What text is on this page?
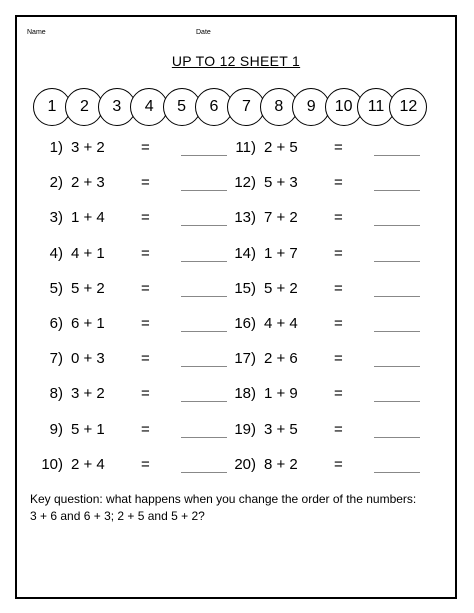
Name	Date
UP TO 12 SHEET 1
1	2	3	4	5	6	7	8	9	10 11 12
1) 3 + 2 =
2) 2 + 3 =
3) 1 + 4 =
4) 4 + 1 =
5) 5 + 2 =
6) 6 + 1 =
7) 0 + 3 =
8) 3 + 2 =
9) 5 + 1 =
10) 2 + 4 =
11) 2 + 5 =
12) 5 + 3 =
13) 7 + 2 =
14) 1 + 7 =
15) 5 + 2 =
16) 4 + 4 =
17) 2 + 6 =
18) 1 + 9 =
19) 3 + 5 =
20) 8 + 2 =
Key question: what happens when you change the order of the numbers:
3 + 6 and 6 + 3; 2 + 5 and 5 + 2?
